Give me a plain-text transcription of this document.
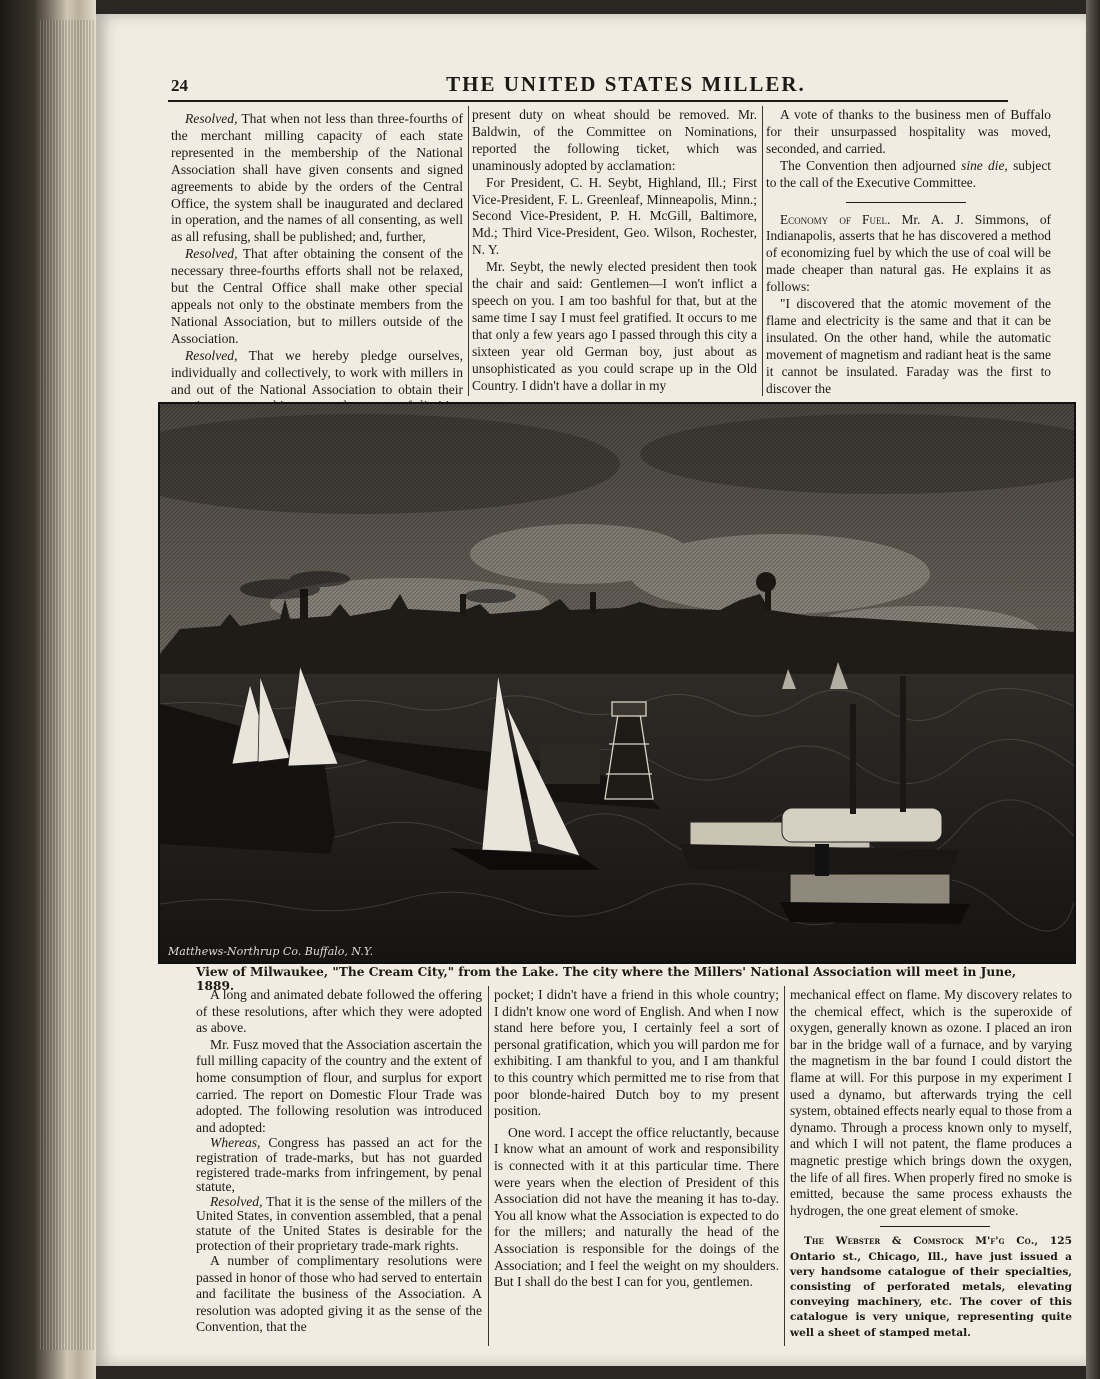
24	THE UNITED STATES MILLER.

Resolved, That when not less than three-fourths of the merchant milling capacity of each state represented in the membership of the National Association shall have given consents and signed agreements to abide by the orders of the Central Office, the system shall be inaugurated and declared in operation, and the names of all consenting, as well as all refusing, shall be published; and, further,

Resolved, That after obtaining the consent of the necessary three-fourths efforts shall not be relaxed, but the Central Office shall make other special appeals not only to the obstinate members from the National Association, but to millers outside of the Association.

Resolved, That we hereby pledge ourselves, individually and collectively, to work with millers in and out of the National Association to obtain their

present duty on wheat should be removed. Mr. Baldwin, of the Committee on Nominations, reported the following ticket, which was unaminously adopted by acclamation:

For President, C. H. Seybt, Highland, Ill.; First Vice-President, F. L. Greenleaf, Minneapolis, Minn.; Second Vice-President, P. H. McGill, Baltimore, Md.; Third Vice-President, Geo. Wilson, Rochester, N. Y.

Mr. Seybt, the newly elected president then took the chair and said: Gentlemen—I won't inflict a speech on you. I am too bashful for that, but at the same time I say I must feel gratified. It occurs to me that only a few years ago I passed through this city a sixteen year old German boy, just about as unsophisticated as you could scrape up in the Old Country. I didn't have a dollar in my

A vote of thanks to the business men of Buffalo for their unsurpassed hospitality was moved, seconded, and carried.

The Convention then adjourned sine die, subject to the call of the Executive Committee.

Economy of Fuel. Mr. A. J. Simmons, of Indianapolis, asserts that he has discovered a method of economizing fuel by which the use of coal will be made cheaper than natural gas. He explains it as follows:

"I discovered that the atomic movement of the flame and electricity is the same and that it can be insulated. On the other hand, while the automatic movement of magnetism and radiant heat is the same it cannot be insulated. Faraday was the first to discover the

Matthews-Northrup Co. Buffalo, N.Y.
View of Milwaukee, "The Cream City," from the Lake. The city where the Millers' National Association will meet in June, 1889.

A long and animated debate followed the offering of these resolutions, after which they were adopted as above.

Mr. Fusz moved that the Association ascertain the full milling capacity of the country and the extent of home consumption of flour, and surplus for export carried. The report on Domestic Flour Trade was adopted. The following resolution was introduced and adopted:

Whereas, Congress has passed an act for the registration of trade-marks, but has not guarded registered trade-marks from infringement, by penal statute,

Resolved, That it is the sense of the millers of the United States, in convention assembled, that a penal statute of the United States is desirable for the protection of their proprietary trade-mark rights.

A number of complimentary resolutions were passed in honor of those who had served to entertain and facilitate the business of the Association. A resolution was adopted giving it as the sense of the Convention, that the

pocket; I didn't have a friend in this whole country; I didn't know one word of English. And when I now stand here before you, I certainly feel a sort of personal gratification, which you will pardon me for exhibiting. I am thankful to you, and I am thankful to this country which permitted me to rise from that poor blonde-haired Dutch boy to my present position.

One word. I accept the office reluctantly, because I know what an amount of work and responsibility is connected with it at this particular time. There were years when the election of President of this Association did not have the meaning it has to-day. You all know what the Association is expected to do for the millers; and naturally the head of the Association is responsible for the doings of the Association; and I feel the weight on my shoulders. But I shall do the best I can for you, gentlemen.

mechanical effect on flame. My discovery relates to the chemical effect, which is the superoxide of oxygen, generally known as ozone. I placed an iron bar in the bridge wall of a furnace, and by varying the magnetism in the bar found I could distort the flame at will. For this purpose in my experiment I used a dynamo, but afterwards trying the cell system, obtained effects nearly equal to those from a dynamo. Through a process known only to myself, and which I will not patent, the flame produces a magnetic prestige which brings down the oxygen, the life of all fires. When properly fired no smoke is emitted, because the same process exhausts the hydrogen, the one great element of smoke.

The Webster & Comstock M'f'g Co., 125 Ontario st., Chicago, Ill., have just issued a very handsome catalogue of their specialties, consisting of perforated metals, elevating conveying machinery, etc. The cover of this catalogue is very unique, representing quite well a sheet of stamped metal.
